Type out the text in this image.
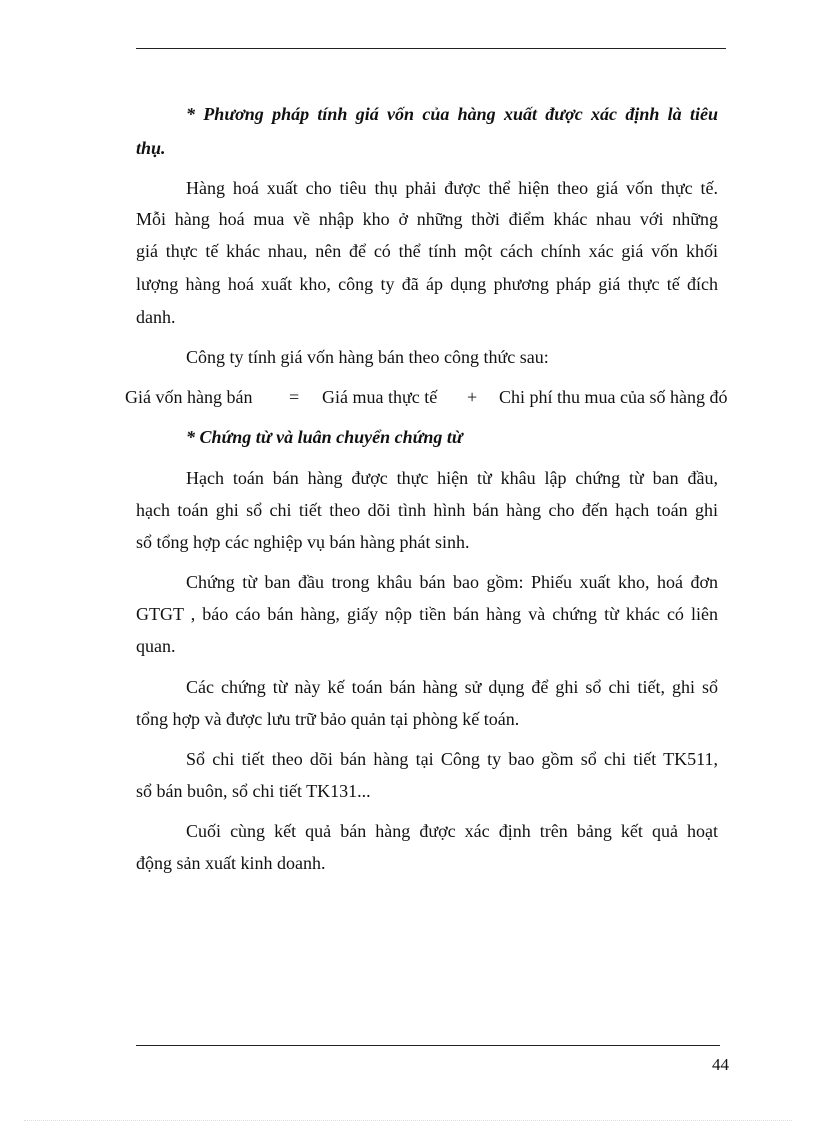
* Phương pháp tính giá vốn của hàng xuất được xác định là tiêu
thụ.
Hàng hoá xuất cho tiêu thụ phải được thể hiện theo giá vốn thực tế.
Mỗi hàng hoá mua về nhập kho ở những thời điểm khác nhau với những
giá thực tế khác nhau, nên để có thể tính một cách chính xác giá vốn khối
lượng hàng hoá xuất kho, công ty đã áp dụng phương pháp giá thực tế đích
danh.
Công ty tính giá vốn hàng bán theo công thức sau:
Giá vốn hàng bán = Giá mua thực tế + Chi phí thu mua của số hàng đó
* Chứng từ và luân chuyển chứng từ
Hạch toán bán hàng được thực hiện từ khâu lập chứng từ ban đầu,
hạch toán ghi sổ chi tiết theo dõi tình hình bán hàng cho đến hạch toán ghi
sổ tổng hợp các nghiệp vụ bán hàng phát sinh.
Chứng từ ban đầu trong khâu bán bao gồm: Phiếu xuất kho, hoá đơn
GTGT , báo cáo bán hàng, giấy nộp tiền bán hàng và chứng từ khác có liên
quan.
Các chứng từ này kế toán bán hàng sử dụng để ghi sổ chi tiết, ghi sổ
tổng hợp và được lưu trữ bảo quản tại phòng kế toán.
Sổ chi tiết theo dõi bán hàng tại Công ty bao gồm sổ chi tiết TK511,
sổ bán buôn, sổ chi tiết TK131...
Cuối cùng kết quả bán hàng được xác định trên bảng kết quả hoạt
động sản xuất kinh doanh.
44
